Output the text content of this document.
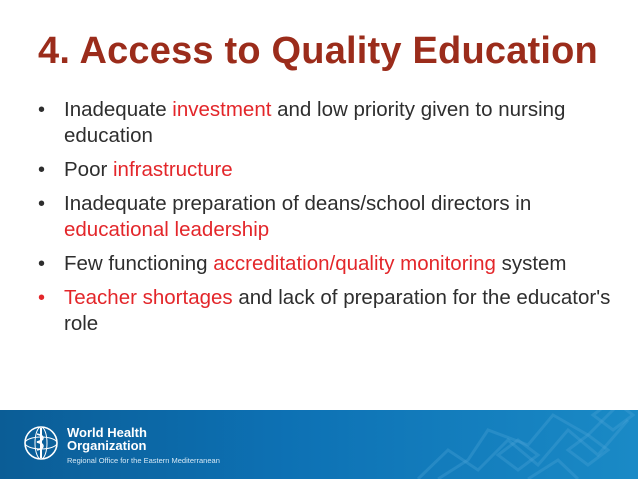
4. Access to Quality Education
• Inadequate investment and low priority given to nursing education
• Poor infrastructure
• Inadequate preparation of deans/school directors in educational leadership
• Few functioning accreditation/quality monitoring system
• Teacher shortages and lack of preparation for the educator's role
World Health
Organization
Regional Office for the Eastern Mediterranean
